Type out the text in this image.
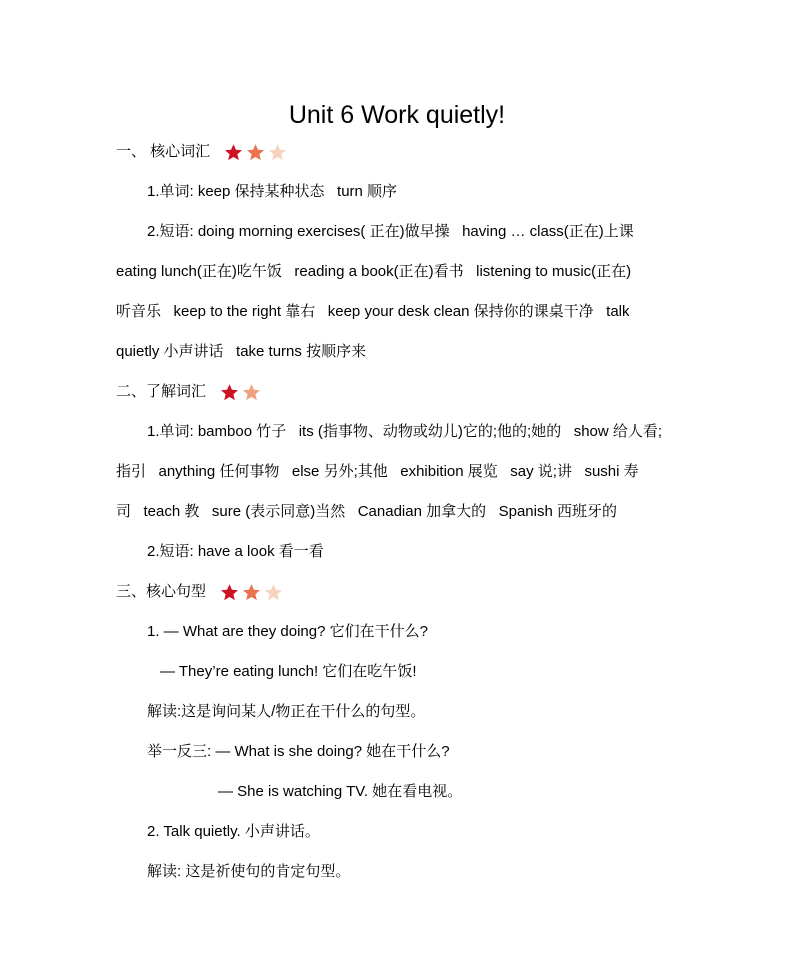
Unit 6 Work quietly!
一、 核心词汇
1.单词: keep 保持某种状态   turn 顺序
2.短语: doing morning exercises( 正在)做早操   having … class(正在)上课
eating lunch(正在)吃午饭   reading a book(正在)看书   listening to music(正在)
听音乐   keep to the right 靠右   keep your desk clean 保持你的课桌干净   talk
quietly 小声讲话   take turns 按顺序来
二、了解词汇
1.单词: bamboo 竹子   its (指事物、动物或幼儿)它的;他的;她的   show 给人看;
指引   anything 任何事物   else 另外;其他   exhibition 展览   say 说;讲   sushi 寿
司   teach 教   sure (表示同意)当然   Canadian 加拿大的   Spanish 西班牙的
2.短语: have a look 看一看
三、核心句型
1. — What are they doing? 它们在干什么?
— They’re eating lunch! 它们在吃午饭!
解读:这是询问某人/物正在干什么的句型。
举一反三: — What is she doing? 她在干什么?
— She is watching TV. 她在看电视。
2. Talk quietly. 小声讲话。
解读: 这是祈使句的肯定句型。
